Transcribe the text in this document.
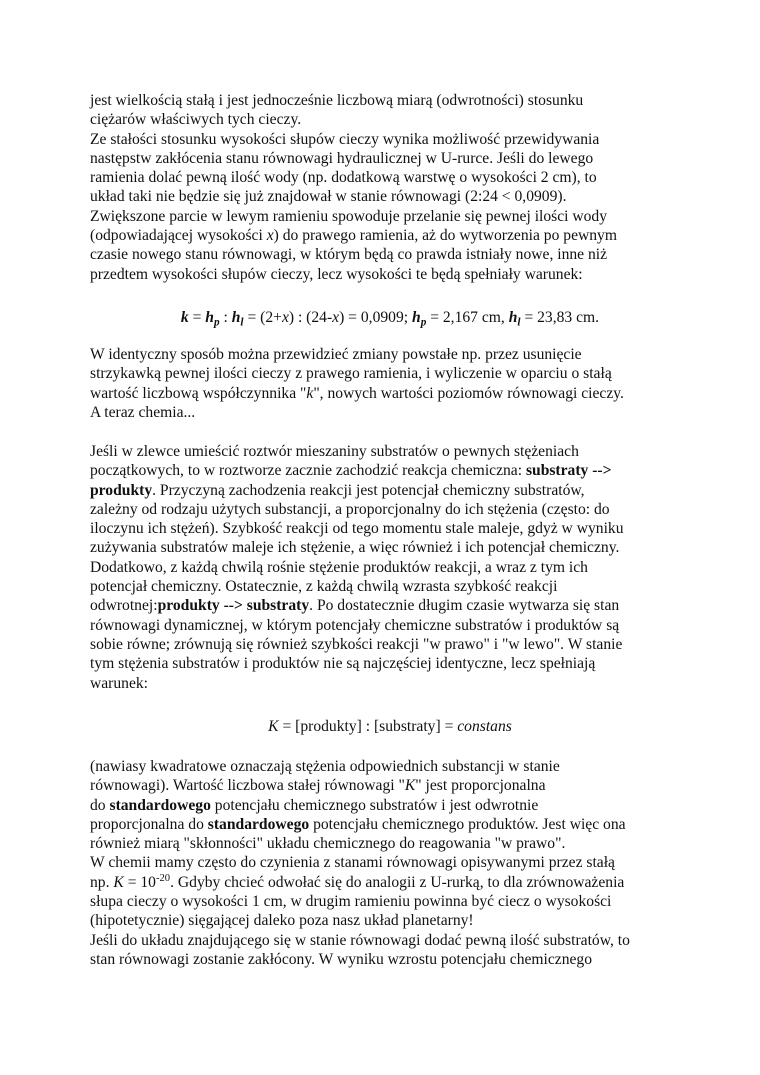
jest wielkością stałą i jest jednocześnie liczbową miarą (odwrotności) stosunku
ciężarów właściwych tych cieczy.
Ze stałości stosunku wysokości słupów cieczy wynika możliwość przewidywania
następstw zakłócenia stanu równowagi hydraulicznej w U-rurce. Jeśli do lewego
ramienia dolać pewną ilość wody (np. dodatkową warstwę o wysokości 2 cm), to
układ taki nie będzie się już znajdował w stanie równowagi (2:24 < 0,0909).
Zwiększone parcie w lewym ramieniu spowoduje przelanie się pewnej ilości wody
(odpowiadającej wysokości x) do prawego ramienia, aż do wytworzenia po pewnym
czasie nowego stanu równowagi, w którym będą co prawda istniały nowe, inne niż
przedtem wysokości słupów cieczy, lecz wysokości te będą spełniały warunek:
$k = h_p$ : $h_l = (2+x)$ : (24-x) = 0,0909; $h_p = 2,167$ cm, $h_l = 23,83$ cm.
W identyczny sposób można przewidzieć zmiany powstałe np. przez usunięcie
strzykawką pewnej ilości cieczy z prawego ramienia, i wyliczenie w oparciu o stałą
wartość liczbową współczynnika "k", nowych wartości poziomów równowagi cieczy.
A teraz chemia...
Jeśli w zlewce umieścić roztwór mieszaniny substratów o pewnych stężeniach
początkowych, to w roztworze zacznie zachodzić reakcja chemiczna: substraty -->
produkty. Przyczyną zachodzenia reakcji jest potencjał chemiczny substratów,
zależny od rodzaju użytych substancji, a proporcjonalny do ich stężenia (często: do
iloczynu ich stężeń). Szybkość reakcji od tego momentu stale maleje, gdyż w wyniku
zużywania substratów maleje ich stężenie, a więc również i ich potencjał chemiczny.
Dodatkowo, z każdą chwilą rośnie stężenie produktów reakcji, a wraz z tym ich
potencjał chemiczny. Ostatecznie, z każdą chwilą wzrasta szybkość reakcji
odwrotnej:produkty --> substraty. Po dostatecznie długim czasie wytwarza się stan
równowagi dynamicznej, w którym potencjały chemiczne substratów i produktów są
sobie równe; zrównują się również szybkości reakcji "w prawo" i "w lewo". W stanie
tym stężenia substratów i produktów nie są najczęściej identyczne, lecz spełniają
warunek:
K = [produkty] : [substraty] = constans
(nawiasy kwadratowe oznaczają stężenia odpowiednich substancji w stanie
równowagi). Wartość liczbowa stałej równowagi "K" jest proporcjonalna
do standardowego potencjału chemicznego substratów i jest odwrotnie
proporcjonalna do standardowego potencjału chemicznego produktów. Jest więc ona
również miarą "skłonności" układu chemicznego do reagowania "w prawo".
W chemii mamy często do czynienia z stanami równowagi opisywanymi przez stałą
np. $K = 10^{-20}$. Gdyby chcieć odwołać się do analogii z U-rurką, to dla zrównoważenia
słupa cieczy o wysokości 1 cm, w drugim ramieniu powinna być ciecz o wysokości
(hipotetycznie) sięgającej daleko poza nasz układ planetarny!
Jeśli do układu znajdującego się w stanie równowagi dodać pewną ilość substratów, to
stan równowagi zostanie zakłócony. W wyniku wzrostu potencjału chemicznego
